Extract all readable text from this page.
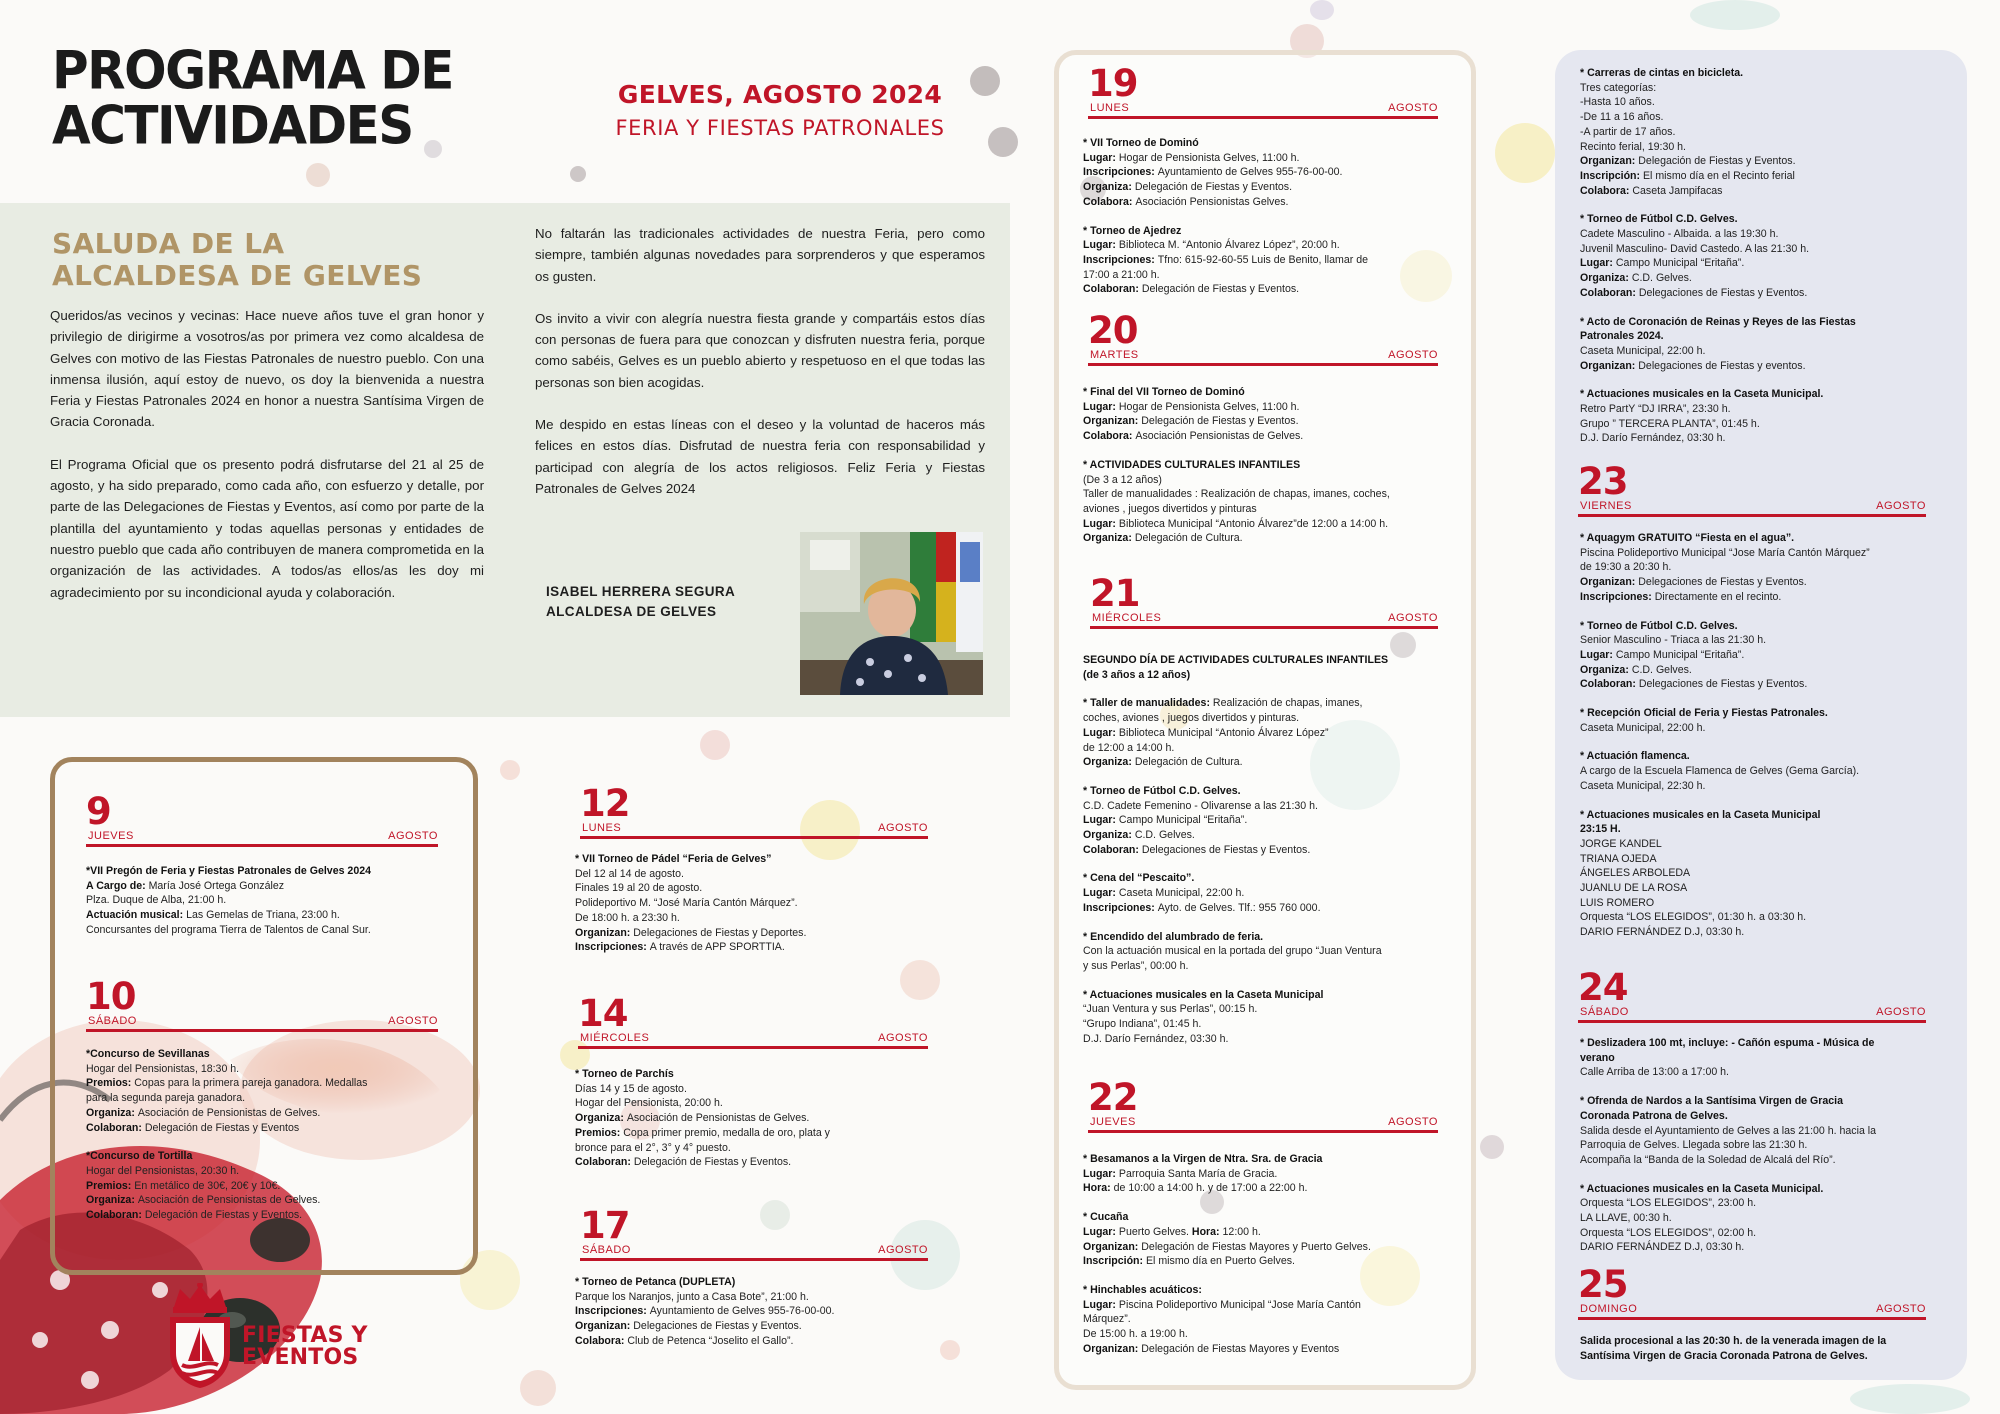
PROGRAMA DE
ACTIVIDADES
GELVES, AGOSTO 2024
FERIA Y FIESTAS PATRONALES
SALUDA DE LA
ALCALDESA DE GELVES

Queridos/as vecinos y vecinas: Hace nueve años tuve el gran honor y privilegio de dirigirme a vosotros/as por primera vez como alcaldesa de Gelves con motivo de las Fiestas Patronales de nuestro pueblo. Con una inmensa ilusión, aquí estoy de nuevo, os doy la bienvenida a nuestra Feria y Fiestas Patronales 2024 en honor a nuestra Santísima Virgen de Gracia Coronada.

El Programa Oficial que os presento podrá disfrutarse del 21 al 25 de agosto, y ha sido preparado, como cada año, con esfuerzo y detalle, por parte de las Delegaciones de Fiestas y Eventos, así como por parte de la plantilla del ayuntamiento y todas aquellas personas y entidades de nuestro pueblo que cada año contribuyen de manera comprometida en la organización de las actividades. A todos/as ellos/as les doy mi agradecimiento por su incondicional ayuda y colaboración.

No faltarán las tradicionales actividades de nuestra Feria, pero como siempre, también algunas novedades para sorprenderos y que esperamos os gusten.

Os invito a vivir con alegría nuestra fiesta grande y compartáis estos días con personas de fuera para que conozcan y disfruten nuestra feria, porque como sabéis, Gelves es un pueblo abierto y respetuoso en el que todas las personas son bien acogidas.

Me despido en estas líneas con el deseo y la voluntad de haceros más felices en estos días. Disfrutad de nuestra feria con responsabilidad y participad con alegría de los actos religiosos. Feliz Feria y Fiestas Patronales de Gelves 2024

ISABEL HERRERA SEGURA
ALCALDESA DE GELVES
9
JUEVES	AGOSTO
*VII Pregón de Feria y Fiestas Patronales de Gelves 2024
A Cargo de: María José Ortega González
Plza. Duque de Alba, 21:00 h.
Actuación musical: Las Gemelas de Triana, 23:00 h.
Concursantes del programa Tierra de Talentos de Canal Sur.
10
SÁBADO	AGOSTO
*Concurso de Sevillanas
Hogar del Pensionistas, 18:30 h.
Premios: Copas para la primera pareja ganadora. Medallas
para la segunda pareja ganadora.
Organiza: Asociación de Pensionistas de Gelves.
Colaboran: Delegación de Fiestas y Eventos
*Concurso de Tortilla
Hogar del Pensionistas, 20:30 h.
Premios: En metálico de 30€, 20€ y 10€.
Organiza: Asociación de Pensionistas de Gelves.
Colaboran: Delegación de Fiestas y Eventos.
12
LUNES	AGOSTO
* VII Torneo de Pádel “Feria de Gelves”
Del 12 al 14 de agosto.
Finales 19 al 20 de agosto.
Polideportivo M. “José María Cantón Márquez”.
De 18:00 h. a 23:30 h.
Organizan: Delegaciones de Fiestas y Deportes.
Inscripciones: A través de APP SPORTTIA.
14
MIÉRCOLES	AGOSTO
* Torneo de Parchís
Días 14 y 15 de agosto.
Hogar del Pensionista, 20:00 h.
Organiza: Asociación de Pensionistas de Gelves.
Premios: Copa primer premio, medalla de oro, plata y
bronce para el 2°, 3° y 4° puesto.
Colaboran: Delegación de Fiestas y Eventos.
17
SÁBADO	AGOSTO
* Torneo de Petanca (DUPLETA)
Parque los Naranjos, junto a Casa Bote”, 21:00 h.
Inscripciones: Ayuntamiento de Gelves 955-76-00-00.
Organizan: Delegaciones de Fiestas y Eventos.
Colabora: Club de Petenca “Joselito el Gallo”.
19
LUNES	AGOSTO
* VII Torneo de Dominó
Lugar: Hogar de Pensionista Gelves, 11:00 h.
Inscripciones: Ayuntamiento de Gelves 955-76-00-00.
Organiza: Delegación de Fiestas y Eventos.
Colabora: Asociación Pensionistas Gelves.
* Torneo de Ajedrez
Lugar: Biblioteca M. “Antonio Álvarez López”, 20:00 h.
Inscripciones: Tfno: 615-92-60-55 Luis de Benito, llamar de
17:00 a 21:00 h.
Colaboran: Delegación de Fiestas y Eventos.
20
MARTES	AGOSTO
* Final del VII Torneo de Dominó
Lugar: Hogar de Pensionista Gelves, 11:00 h.
Organizan: Delegación de Fiestas y Eventos.
Colabora: Asociación Pensionistas de Gelves.
* ACTIVIDADES CULTURALES INFANTILES
(De 3 a 12 años)
Taller de manualidades : Realización de chapas, imanes, coches,
aviones , juegos divertidos y pinturas
Lugar: Biblioteca Municipal “Antonio Álvarez”de 12:00 a 14:00 h.
Organiza: Delegación de Cultura.
21
MIÉRCOLES	AGOSTO
SEGUNDO DÍA DE ACTIVIDADES CULTURALES INFANTILES
(de 3 años a 12 años)
* Taller de manualidades: Realización de chapas, imanes,
coches, aviones , juegos divertidos y pinturas.
Lugar: Biblioteca Municipal “Antonio Álvarez López”
de 12:00 a 14:00 h.
Organiza: Delegación de Cultura.
* Torneo de Fútbol C.D. Gelves.
C.D. Cadete Femenino - Olivarense a las 21:30 h.
Lugar: Campo Municipal “Eritaña”.
Organiza: C.D. Gelves.
Colaboran: Delegaciones de Fiestas y Eventos.
* Cena del “Pescaito”.
Lugar: Caseta Municipal, 22:00 h.
Inscripciones: Ayto. de Gelves. Tlf.: 955 760 000.
* Encendido del alumbrado de feria.
Con la actuación musical en la portada del grupo “Juan Ventura
y sus Perlas”, 00:00 h.
* Actuaciones musicales en la Caseta Municipal
“Juan Ventura y sus Perlas”, 00:15 h.
“Grupo Indiana”, 01:45 h.
D.J. Darío Fernández, 03:30 h.
22
JUEVES	AGOSTO
* Besamanos a la Virgen de Ntra. Sra. de Gracia
Lugar: Parroquia Santa María de Gracia.
Hora: de 10:00 a 14:00 h. y de 17:00 a 22:00 h.
* Cucaña
Lugar: Puerto Gelves. Hora: 12:00 h.
Organizan: Delegación de Fiestas Mayores y Puerto Gelves.
Inscripción: El mismo día en Puerto Gelves.
* Hinchables acuáticos:
Lugar: Piscina Polideportivo Municipal “Jose María Cantón
Márquez”.
De 15:00 h. a 19:00 h.
Organizan: Delegación de Fiestas Mayores y Eventos
* Carreras de cintas en bicicleta.
Tres categorías:
-Hasta 10 años.
-De 11 a 16 años.
-A partir de 17 años.
Recinto ferial, 19:30 h.
Organizan: Delegación de Fiestas y Eventos.
Inscripción: El mismo día en el Recinto ferial
Colabora: Caseta Jampifacas
* Torneo de Fútbol C.D. Gelves.
Cadete Masculino - Albaida. a las 19:30 h.
Juvenil Masculino- David Castedo. A las 21:30 h.
Lugar: Campo Municipal “Eritaña”.
Organiza: C.D. Gelves.
Colaboran: Delegaciones de Fiestas y Eventos.
* Acto de Coronación de Reinas y Reyes de las Fiestas
Patronales 2024.
Caseta Municipal, 22:00 h.
Organizan: Delegaciones de Fiestas y eventos.
* Actuaciones musicales en la Caseta Municipal.
Retro PartY “DJ IRRA”, 23:30 h.
Grupo ” TERCERA PLANTA”, 01:45 h.
D.J. Darío Fernández, 03:30 h.
23
VIERNES	AGOSTO
* Aquagym GRATUITO “Fiesta en el agua”.
Piscina Polideportivo Municipal “Jose María Cantón Márquez”
de 19:30 a 20:30 h.
Organizan: Delegaciones de Fiestas y Eventos.
Inscripciones: Directamente en el recinto.
* Torneo de Fútbol C.D. Gelves.
Senior Masculino - Triaca a las 21:30 h.
Lugar: Campo Municipal “Eritaña”.
Organiza: C.D. Gelves.
Colaboran: Delegaciones de Fiestas y Eventos.
* Recepción Oficial de Feria y Fiestas Patronales.
Caseta Municipal, 22:00 h.
* Actuación flamenca.
A cargo de la Escuela Flamenca de Gelves (Gema García).
Caseta Municipal, 22:30 h.
* Actuaciones musicales en la Caseta Municipal
23:15 H.
JORGE KANDEL
TRIANA OJEDA
ÁNGELES ARBOLEDA
JUANLU DE LA ROSA
LUIS ROMERO
Orquesta “LOS ELEGIDOS”, 01:30 h. a 03:30 h.
DARIO FERNÁNDEZ D.J, 03:30 h.
24
SÁBADO	AGOSTO
* Deslizadera 100 mt, incluye: - Cañón espuma - Música de
verano
Calle Arriba de 13:00 a 17:00 h.
* Ofrenda de Nardos a la Santísima Virgen de Gracia
Coronada Patrona de Gelves.
Salida desde el Ayuntamiento de Gelves a las 21:00 h. hacia la
Parroquia de Gelves. Llegada sobre las 21:30 h.
Acompaña la “Banda de la Soledad de Alcalá del Río”.
* Actuaciones musicales en la Caseta Municipal.
Orquesta “LOS ELEGIDOS”, 23:00 h.
LA LLAVE, 00:30 h.
Orquesta “LOS ELEGIDOS”, 02:00 h.
DARIO FERNÁNDEZ D.J, 03:30 h.
25
DOMINGO	AGOSTO
Salida procesional a las 20:30 h. de la venerada imagen de la
Santísima Virgen de Gracia Coronada Patrona de Gelves.
FIESTAS Y
EVENTOS
